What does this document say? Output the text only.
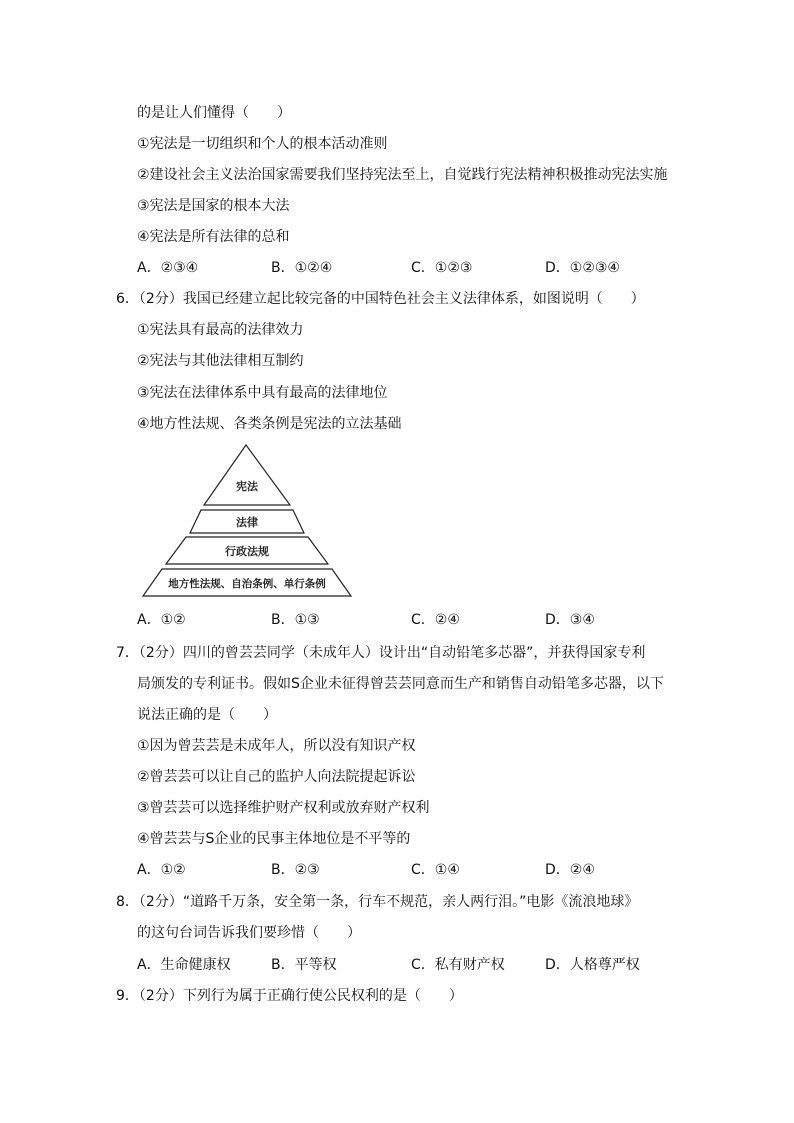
的是让人们懂得（　　）
①宪法是一切组织和个人的根本活动准则
②建设社会主义法治国家需要我们坚持宪法至上，自觉践行宪法精神积极推动宪法实施
③宪法是国家的根本大法
④宪法是所有法律的总和
A．②③④	B．①②④	C．①②③	D．①②③④
6．（2分）我国已经建立起比较完备的中国特色社会主义法律体系，如图说明（　　）
①宪法具有最高的法律效力
②宪法与其他法律相互制约
③宪法在法律体系中具有最高的法律地位
④地方性法规、各类条例是宪法的立法基础
宪法
法律
行政法规
地方性法规、自治条例、单行条例
A．①②	B．①③	C．②④	D．③④
7．（2分）四川的曾芸芸同学（未成年人）设计出“自动铅笔多芯器”，并获得国家专利
局颁发的专利证书。假如S企业未征得曾芸芸同意而生产和销售自动铅笔多芯器，以下
说法正确的是（　　）
①因为曾芸芸是未成年人，所以没有知识产权
②曾芸芸可以让自己的监护人向法院提起诉讼
③曾芸芸可以选择维护财产权利或放弃财产权利
④曾芸芸与S企业的民事主体地位是不平等的
A．①②	B．②③	C．①④	D．②④
8．（2分）“道路千万条，安全第一条，行车不规范，亲人两行泪。”电影《流浪地球》
的这句台词告诉我们要珍惜（　　）
A．生命健康权	B．平等权	C．私有财产权	D．人格尊严权
9．（2分）下列行为属于正确行使公民权利的是（　　）
